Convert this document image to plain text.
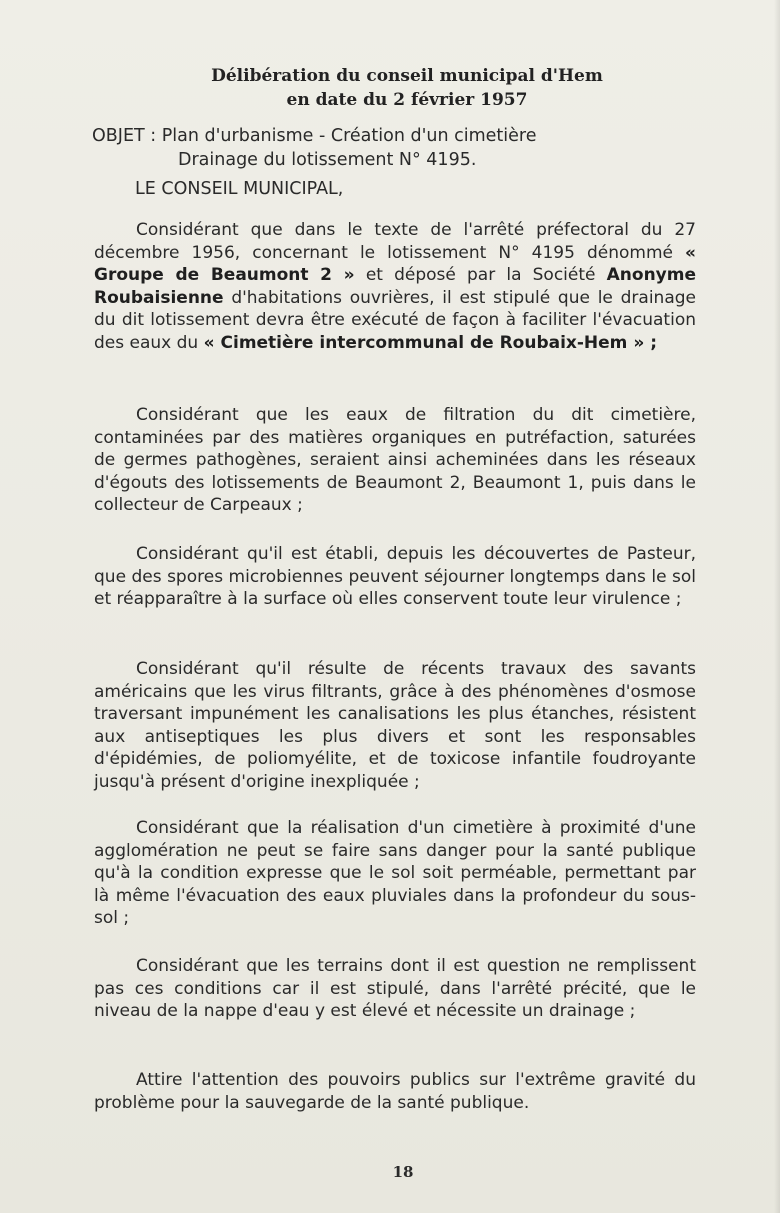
Délibération du conseil municipal d'Hem
en date du 2 février 1957
OBJET : Plan d'urbanisme - Création d'un cimetière
Drainage du lotissement N° 4195.
LE CONSEIL MUNICIPAL,

Considérant que dans le texte de l'arrêté préfectoral du 27 décembre 1956, concernant le lotissement N° 4195 dénommé « Groupe de Beaumont 2 » et déposé par la Société Anonyme Roubaisienne d'habitations ouvrières, il est stipulé que le drainage du dit lotissement devra être exécuté de façon à faciliter l'évacuation des eaux du « Cimetière intercommunal de Roubaix-Hem » ;

Considérant que les eaux de filtration du dit cimetière, contaminées par des matières organiques en putréfaction, saturées de germes pathogènes, seraient ainsi acheminées dans les réseaux d'égouts des lotissements de Beaumont 2, Beaumont 1, puis dans le collecteur de Carpeaux ;

Considérant qu'il est établi, depuis les découvertes de Pasteur, que des spores microbiennes peuvent séjourner longtemps dans le sol et réapparaître à la surface où elles conservent toute leur virulence ;

Considérant qu'il résulte de récents travaux des savants américains que les virus filtrants, grâce à des phénomènes d'osmose traversant impunément les canalisations les plus étanches, résistent aux antiseptiques les plus divers et sont les responsables d'épidémies, de poliomyélite, et de toxicose infantile foudroyante jusqu'à présent d'origine inexpliquée ;

Considérant que la réalisation d'un cimetière à proximité d'une agglomération ne peut se faire sans danger pour la santé publique qu'à la condition expresse que le sol soit perméable, permettant par là même l'évacuation des eaux pluviales dans la profondeur du sous-sol ;

Considérant que les terrains dont il est question ne remplissent pas ces conditions car il est stipulé, dans l'arrêté précité, que le niveau de la nappe d'eau y est élevé et nécessite un drainage ;

Attire l'attention des pouvoirs publics sur l'extrême gravité du problème pour la sauvegarde de la santé publique.

18
